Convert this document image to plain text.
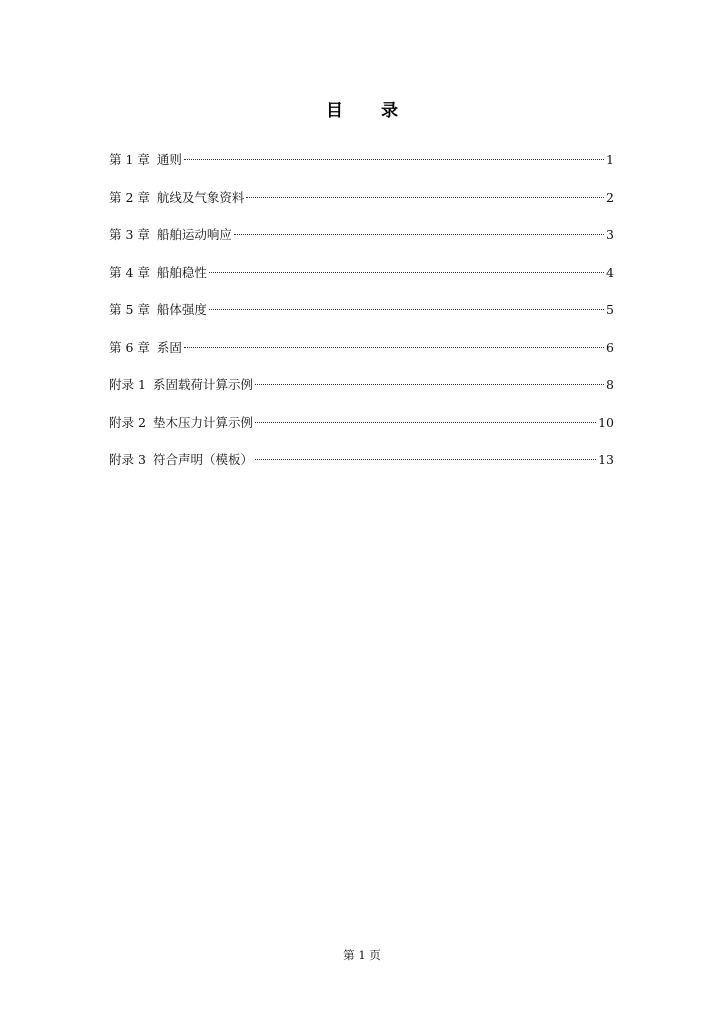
目 录
第 1 章 通则	1
第 2 章 航线及气象资料	2
第 3 章 船舶运动响应	3
第 4 章 船舶稳性	4
第 5 章 船体强度	5
第 6 章 系固	6
附录 1 系固载荷计算示例	8
附录 2 垫木压力计算示例	10
附录 3 符合声明（模板）	13
第 1 页
